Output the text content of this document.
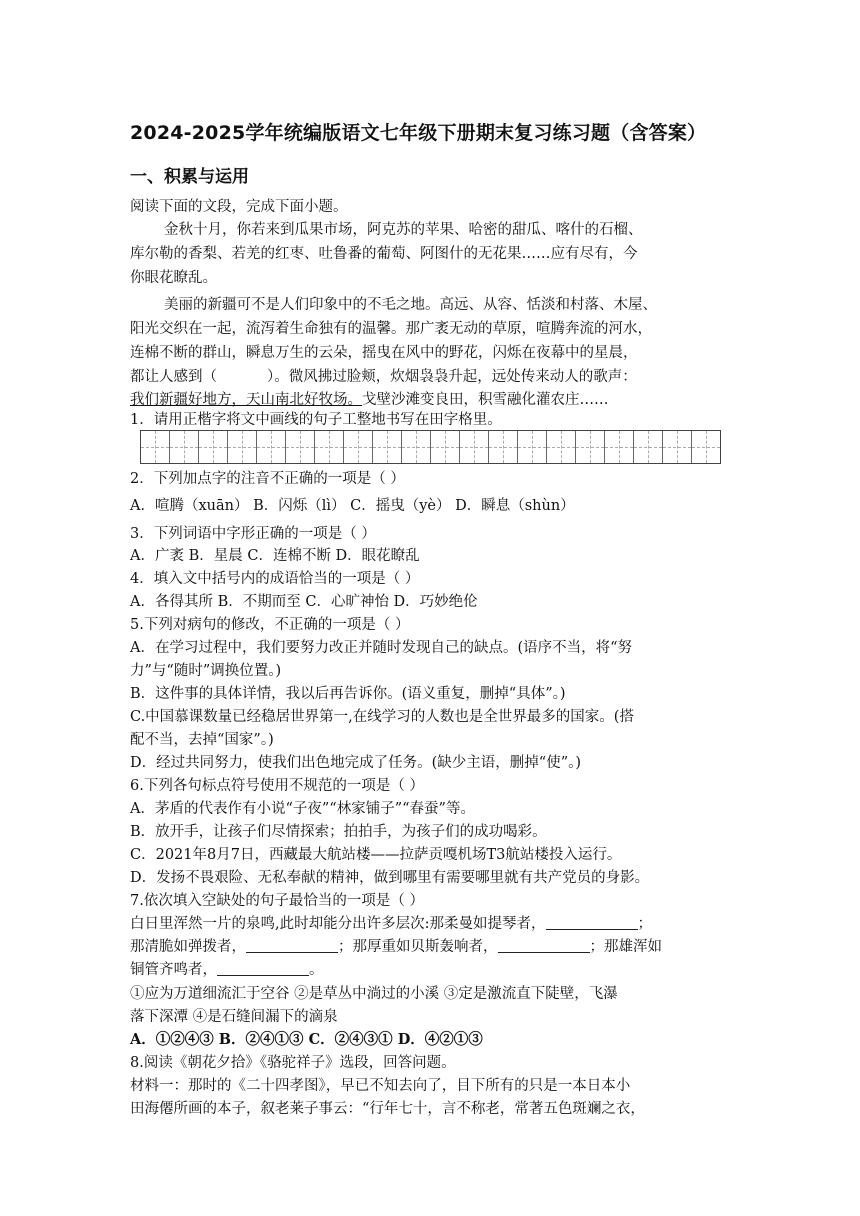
2024-2025学年统编版语文七年级下册期末复习练习题（含答案）
一、积累与运用
阅读下面的文段，完成下面小题。
金秋十月，你若来到瓜果市场，阿克苏的苹果、哈密的甜瓜、喀什的石榴、
库尔勒的香梨、若羌的红枣、吐鲁番的葡萄、阿图什的无花果……应有尽有，今
你眼花瞭乱。
美丽的新疆可不是人们印象中的不毛之地。高远、从容、恬淡和村落、木屋、
阳光交织在一起，流泻着生命独有的温馨。那广袤无动的草原，喧腾奔流的河水，
连棉不断的群山，瞬息万生的云朵，摇曳在风中的野花，闪烁在夜幕中的星晨，
都让人感到（	）。微风拂过脸颊，炊烟袅袅升起，远处传来动人的歌声：
我们新疆好地方，天山南北好牧场。戈壁沙滩变良田，积雪融化灌农庄……
1．请用正楷字将文中画线的句子工整地书写在田字格里。
2．下列加点字的注音不正确的一项是（ ）
A．喧腾（xuān） B．闪烁（lì） C．摇曳（yè） D．瞬息（shùn）
3．下列词语中字形正确的一项是（ ）
A．广袤 B．星晨 C．连棉不断 D．眼花瞭乱
4．填入文中括号内的成语恰当的一项是（ ）
A．各得其所 B．不期而至 C．心旷神怡 D．巧妙绝伦
5.下列对病句的修改，不正确的一项是（ ）
A．在学习过程中，我们要努力改正并随时发现自己的缺点。(语序不当，将“努
力”与“随时”调换位置。)
B．这件事的具体详情，我以后再告诉你。(语义重复，删掉“具体”。)
C.中国慕课数量已经稳居世界第一,在线学习的人数也是全世界最多的国家。(搭
配不当，去掉“国家”。)
D．经过共同努力，使我们出色地完成了任务。(缺少主语，删掉“使”。)
6.下列各句标点符号使用不规范的一项是（ ）
A．茅盾的代表作有小说“子夜”“林家铺子”“春蚕”等。
B．放开手，让孩子们尽情探索；拍拍手，为孩子们的成功喝彩。
C．2021年8月7日，西藏最大航站楼——拉萨贡嘎机场T3航站楼投入运行。
D．发扬不畏艰险、无私奉献的精神，做到哪里有需要哪里就有共产党员的身影。
7.依次填入空缺处的句子最恰当的一项是（ ）
白日里浑然一片的泉鸣,此时却能分出许多层次:那柔曼如提琴者，	；
那清脆如弹拨者，	；那厚重如贝斯轰响者，	；那雄浑如
铜管齐鸣者，	。
①应为万道细流汇于空谷 ②是草丛中淌过的小溪 ③定是激流直下陡壁，飞瀑
落下深潭 ④是石缝间漏下的滴泉
A．①②④③ B．②④①③ C．②④③① D．④②①③
8.阅读《朝花夕拾》《骆驼祥子》选段，回答问题。
材料一：那时的《二十四孝图》，早已不知去向了，目下所有的只是一本日本小
田海僊所画的本子，叙老莱子事云：“行年七十，言不称老，常著五色斑斓之衣，
